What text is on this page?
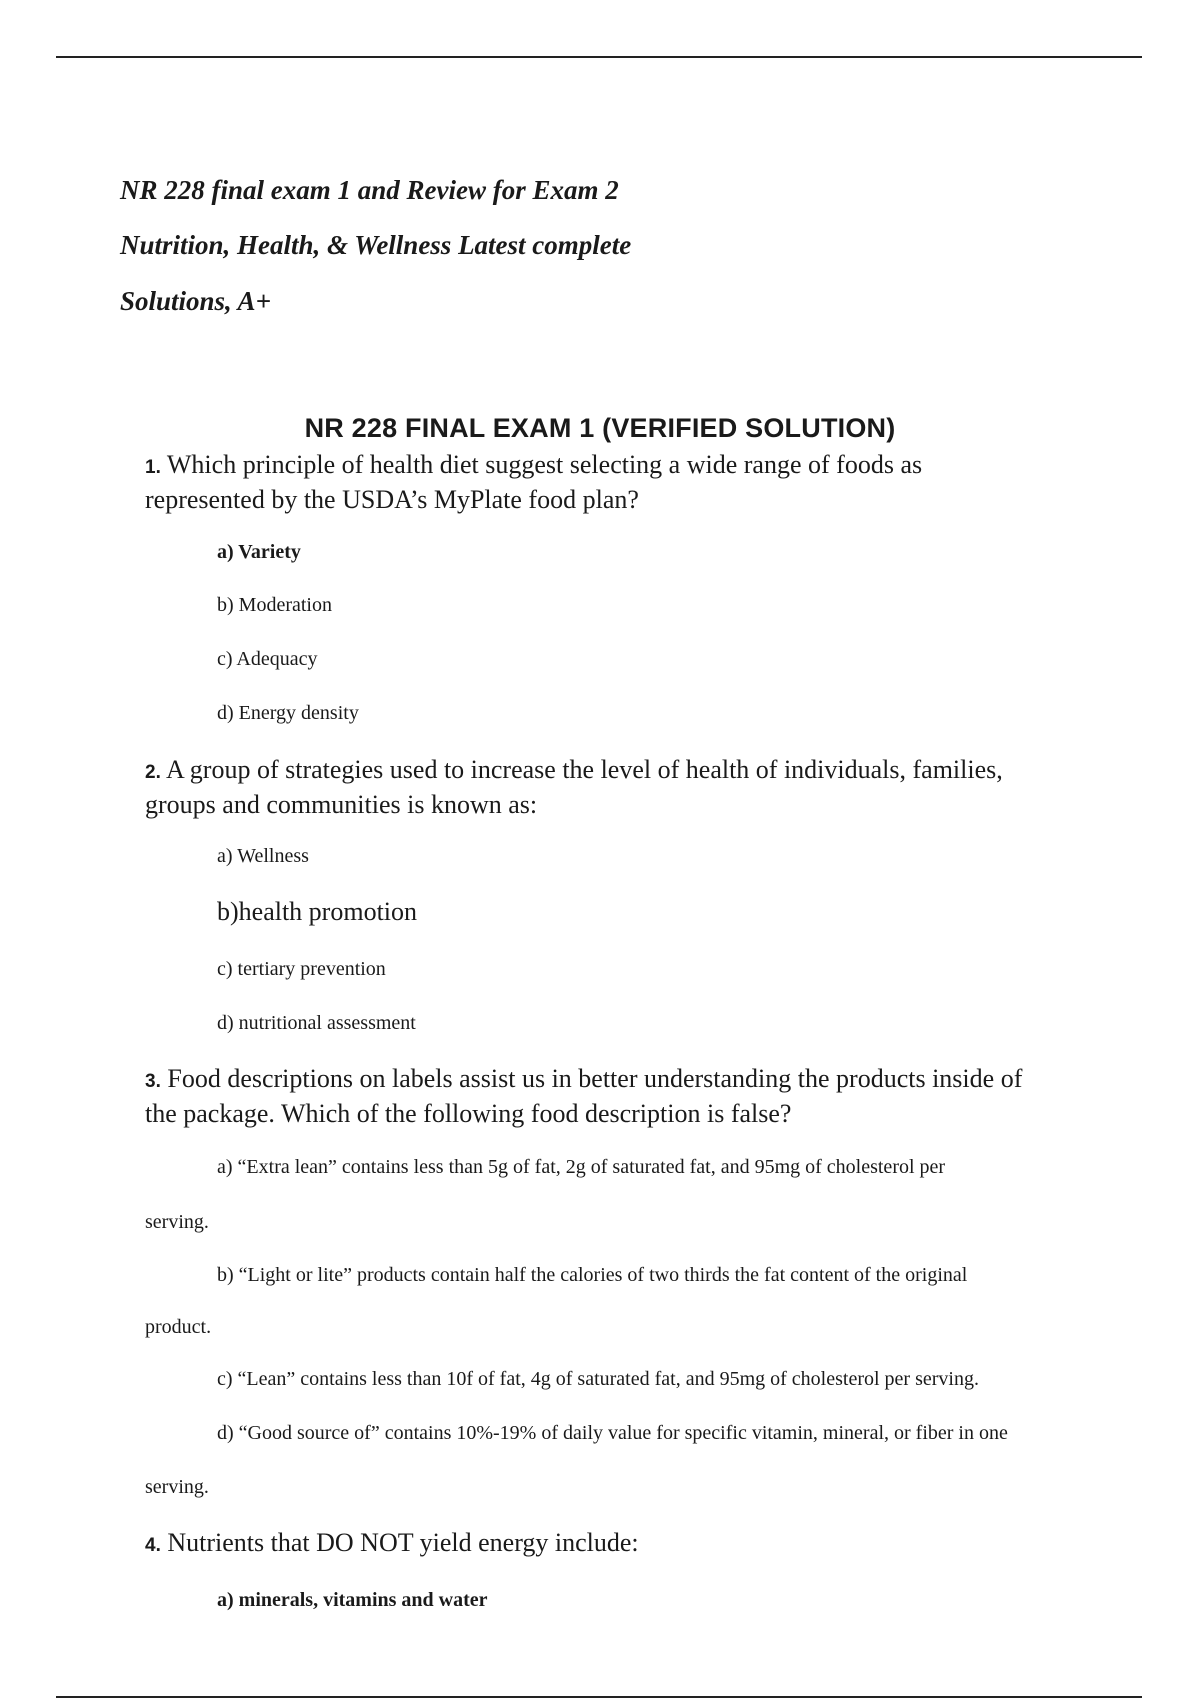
NR 228 final exam 1 and Review for Exam 2
Nutrition, Health, & Wellness Latest complete
Solutions, A+
NR 228 FINAL EXAM 1 (VERIFIED SOLUTION)
1. Which principle of health diet suggest selecting a wide range of foods as represented by the USDA’s MyPlate food plan?
a) Variety
b) Moderation
c) Adequacy
d) Energy density
2. A group of strategies used to increase the level of health of individuals, families, groups and communities is known as:
a) Wellness
b)health promotion
c) tertiary prevention
d) nutritional assessment
3. Food descriptions on labels assist us in better understanding the products inside of the package. Which of the following food description is false?
a) “Extra lean” contains less than 5g of fat, 2g of saturated fat, and 95mg of cholesterol per
serving.
b) “Light or lite” products contain half the calories of two thirds the fat content of the original
product.
c) “Lean” contains less than 10f of fat, 4g of saturated fat, and 95mg of cholesterol per serving.
d) “Good source of” contains 10%-19% of daily value for specific vitamin, mineral, or fiber in one
serving.
4. Nutrients that DO NOT yield energy include:
a) minerals, vitamins and water
